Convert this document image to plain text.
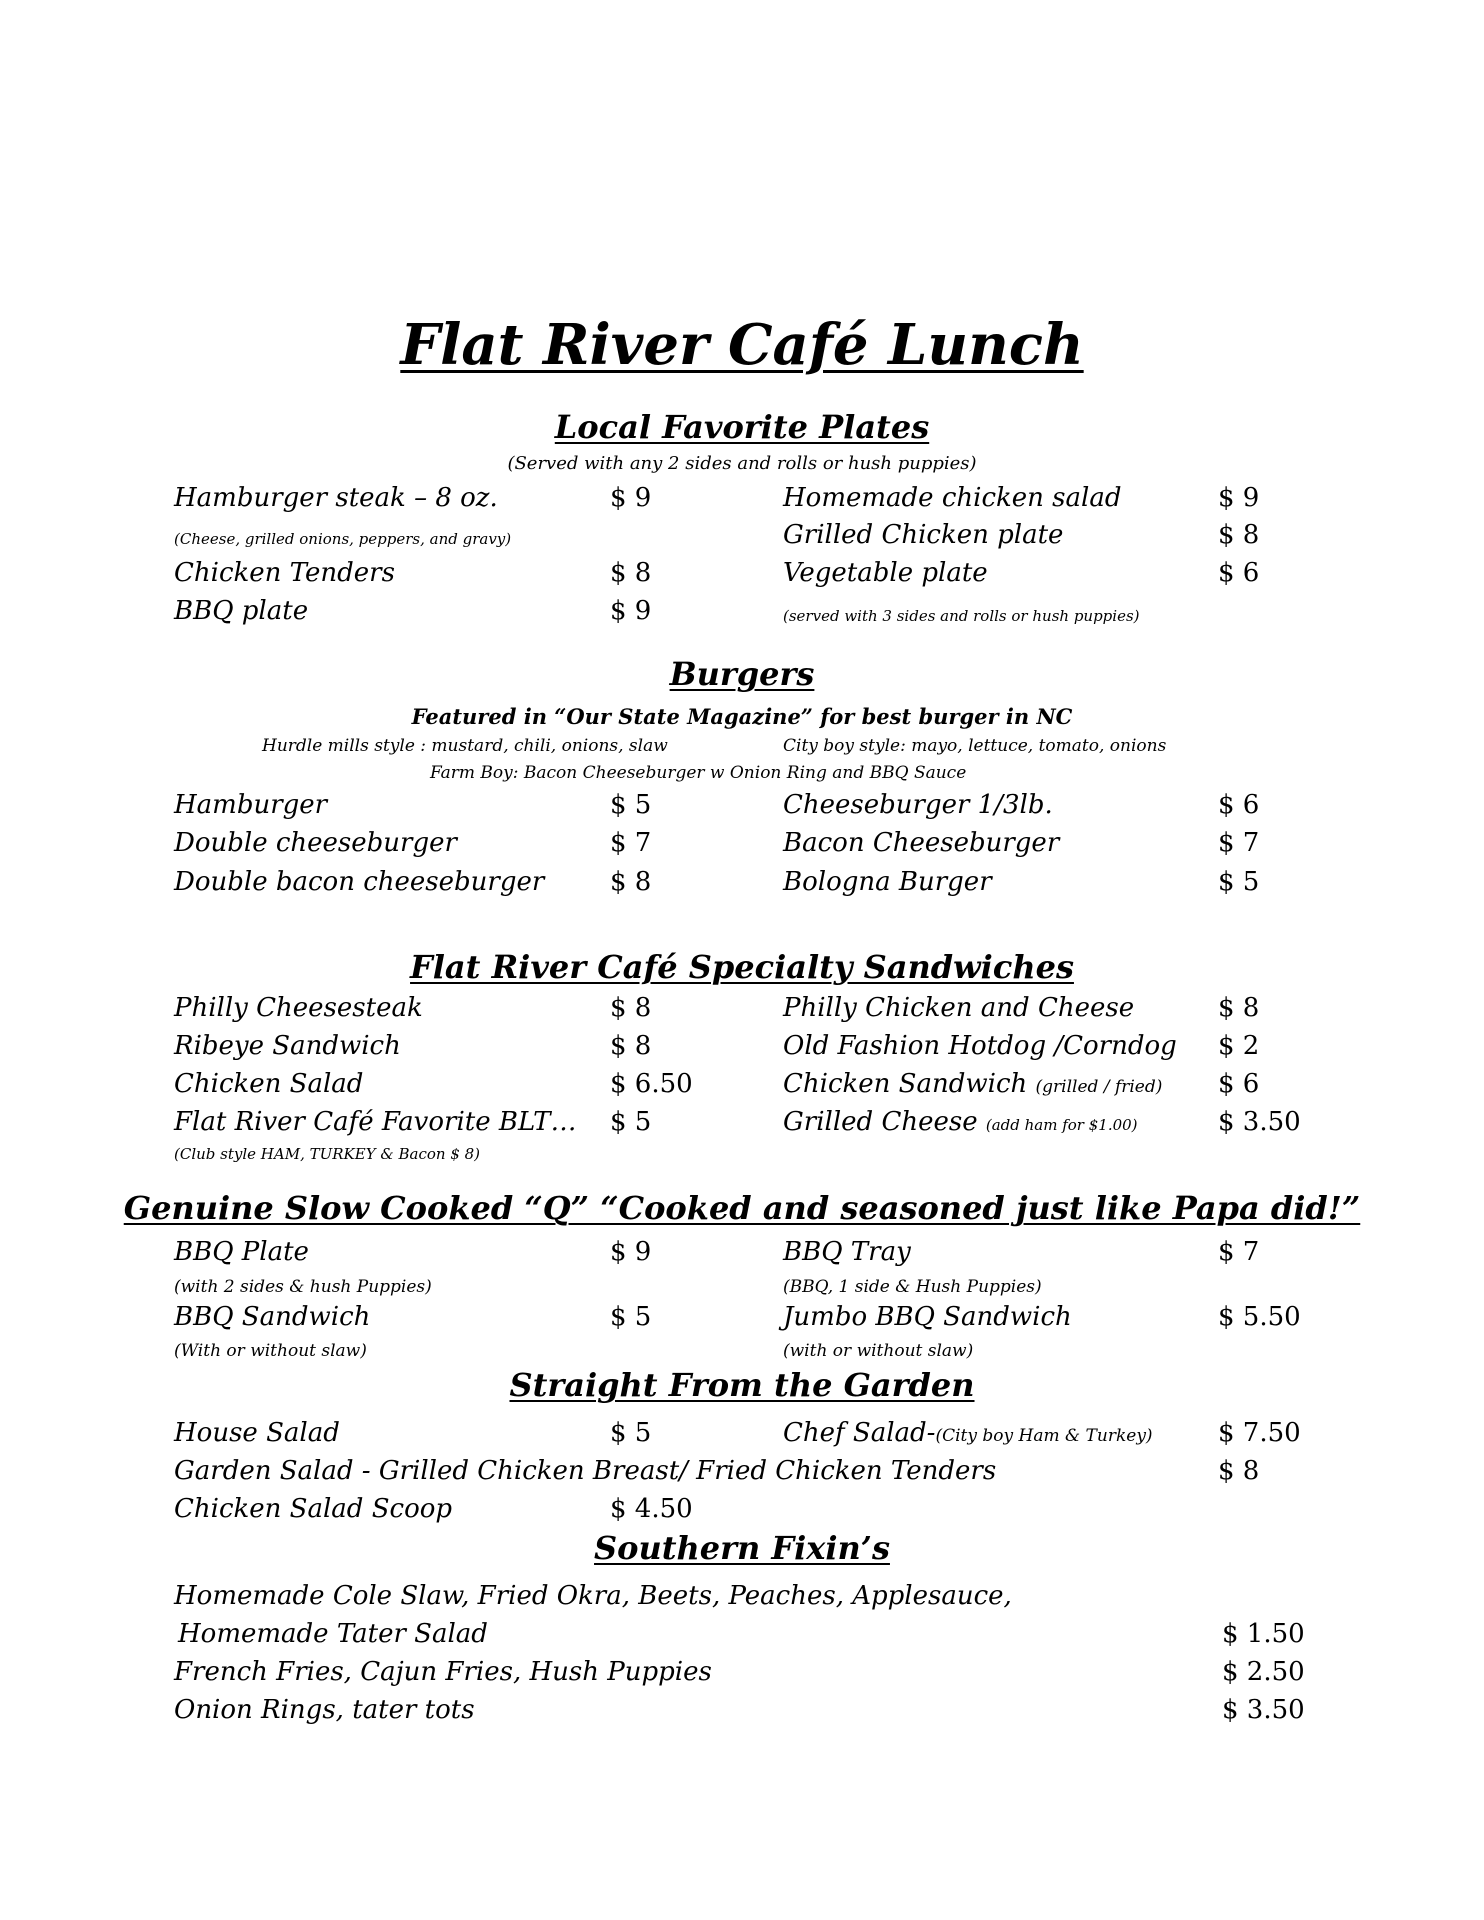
Flat River Café Lunch
Local Favorite Plates
(Served with any 2 sides and rolls or hush puppies)
Hamburger steak – 8 oz.	$ 9
(Cheese, grilled onions, peppers, and gravy)
Chicken Tenders	$ 8
BBQ plate	$ 9
Homemade chicken salad	$ 9
Grilled Chicken plate	$ 8
Vegetable plate	$ 6
(served with 3 sides and rolls or hush puppies)
Burgers
Featured in “Our State Magazine” for best burger in NC
Hurdle mills style : mustard, chili, onions, slaw	City boy style: mayo, lettuce, tomato, onions
Farm Boy: Bacon Cheeseburger w Onion Ring and BBQ Sauce
Hamburger	$ 5
Double cheeseburger	$ 7
Double bacon cheeseburger	$ 8
Cheeseburger 1/3lb.	$ 6
Bacon Cheeseburger	$ 7
Bologna Burger	$ 5
Flat River Café Specialty Sandwiches
Philly Cheesesteak	$ 8
Ribeye Sandwich	$ 8
Chicken Salad	$ 6.50
Flat River Café Favorite BLT… $ 5
(Club style HAM, TURKEY & Bacon $ 8)
Philly Chicken and Cheese	$ 8
Old Fashion Hotdog /Corndog $ 2
Chicken Sandwich (grilled / fried) $ 6
Grilled Cheese (add ham for $1.00)	$ 3.50
Genuine Slow Cooked “Q” “Cooked and seasoned just like Papa did!”
BBQ Plate	$ 9
(with 2 sides & hush Puppies)
BBQ Sandwich	$ 5
(With or without slaw)
BBQ Tray	$ 7
(BBQ, 1 side & Hush Puppies)
Jumbo BBQ Sandwich	$ 5.50
(with or without slaw)
Straight From the Garden
House Salad	$ 5	Chef Salad-(City boy Ham & Turkey)	$ 7.50
Garden Salad - Grilled Chicken Breast/ Fried Chicken Tenders	$ 8
Chicken Salad Scoop	$ 4.50
Southern Fixin’s
Homemade Cole Slaw, Fried Okra, Beets, Peaches, Applesauce,
Homemade Tater Salad	$ 1.50
French Fries, Cajun Fries, Hush Puppies	$ 2.50
Onion Rings, tater tots	$ 3.50
